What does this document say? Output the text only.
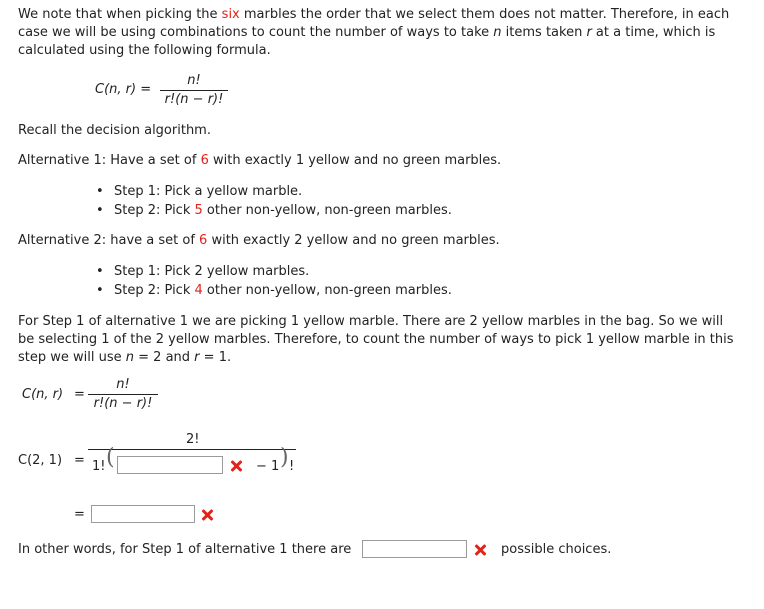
We note that when picking the six marbles the order that we select them does not matter. Therefore, in each

case we will be using combinations to count the number of ways to take n items taken r at a time, which is

calculated using the following formula.

C(n, r) =
n!
r!(n − r)!

Recall the decision algorithm.

Alternative 1: Have a set of 6 with exactly 1 yellow and no green marbles.

• Step 1: Pick a yellow marble.
• Step 2: Pick 5 other non-yellow, non-green marbles.

Alternative 2: have a set of 6 with exactly 2 yellow and no green marbles.

• Step 1: Pick 2 yellow marbles.
• Step 2: Pick 4 other non-yellow, non-green marbles.

For Step 1 of alternative 1 we are picking 1 yellow marble. There are 2 yellow marbles in the bag. So we will

be selecting 1 of the 2 yellow marbles. Therefore, to count the number of ways to pick 1 yellow marble in this

step we will use n = 2 and r = 1.

C(n, r) =
n!
r!(n − r)!
C(2, 1) =
2!
1! (	− 1 ) !
=
In other words, for Step 1 of alternative 1 there are	possible choices.
